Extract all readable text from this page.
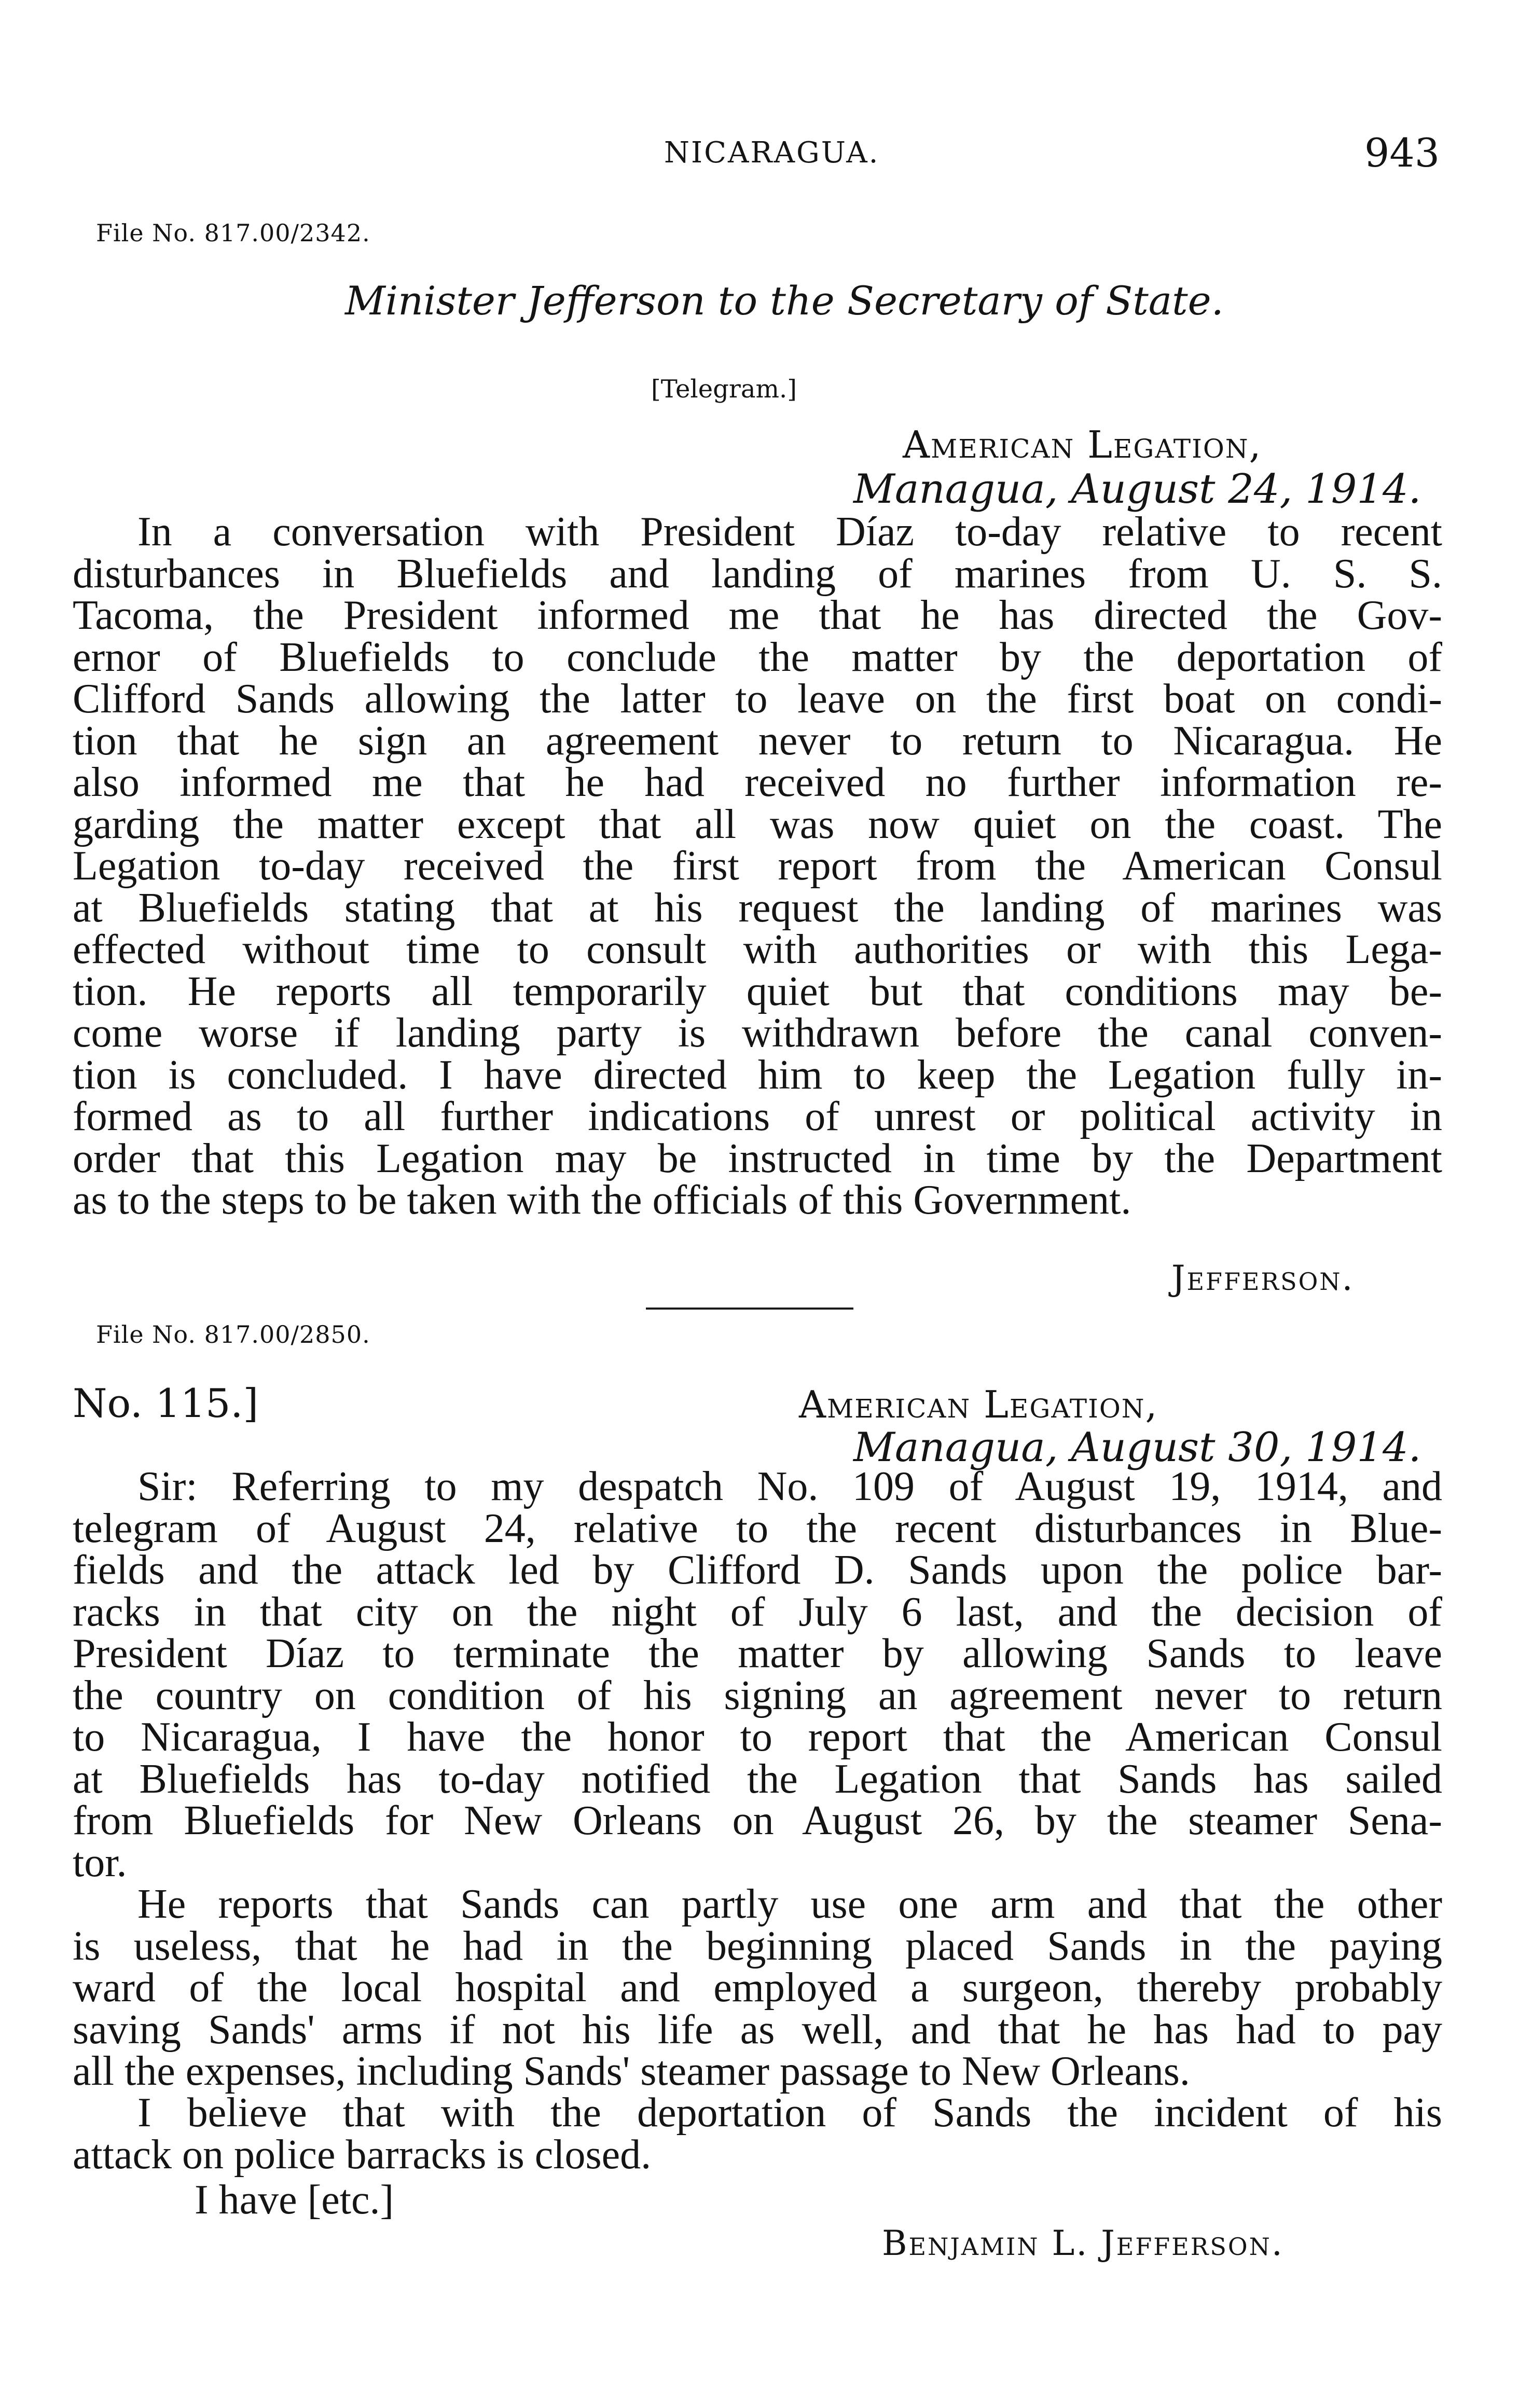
NICARAGUA.	943
File No. 817.00/2342.
Minister Jefferson to the Secretary of State.
[Telegram.]
American Legation,
Managua, August 24, 1914.
In a conversation with President Díaz to-day relative to recent
disturbances in Bluefields and landing of marines from U. S. S.
Tacoma, the President informed me that he has directed the Gov-
ernor of Bluefields to conclude the matter by the deportation of
Clifford Sands allowing the latter to leave on the first boat on condi-
tion that he sign an agreement never to return to Nicaragua. He
also informed me that he had received no further information re-
garding the matter except that all was now quiet on the coast. The
Legation to-day received the first report from the American Consul
at Bluefields stating that at his request the landing of marines was
effected without time to consult with authorities or with this Lega-
tion. He reports all temporarily quiet but that conditions may be-
come worse if landing party is withdrawn before the canal conven-
tion is concluded. I have directed him to keep the Legation fully in-
formed as to all further indications of unrest or political activity in
order that this Legation may be instructed in time by the Department
as to the steps to be taken with the officials of this Government.
Jefferson.
File No. 817.00/2850.
No. 115.]	American Legation,
Managua, August 30, 1914.
Sir: Referring to my despatch No. 109 of August 19, 1914, and
telegram of August 24, relative to the recent disturbances in Blue-
fields and the attack led by Clifford D. Sands upon the police bar-
racks in that city on the night of July 6 last, and the decision of
President Díaz to terminate the matter by allowing Sands to leave
the country on condition of his signing an agreement never to return
to Nicaragua, I have the honor to report that the American Consul
at Bluefields has to-day notified the Legation that Sands has sailed
from Bluefields for New Orleans on August 26, by the steamer Sena-
tor.
He reports that Sands can partly use one arm and that the other
is useless, that he had in the beginning placed Sands in the paying
ward of the local hospital and employed a surgeon, thereby probably
saving Sands' arms if not his life as well, and that he has had to pay
all the expenses, including Sands' steamer passage to New Orleans.
I believe that with the deportation of Sands the incident of his
attack on police barracks is closed.
I have [etc.]
Benjamin L. Jefferson.
